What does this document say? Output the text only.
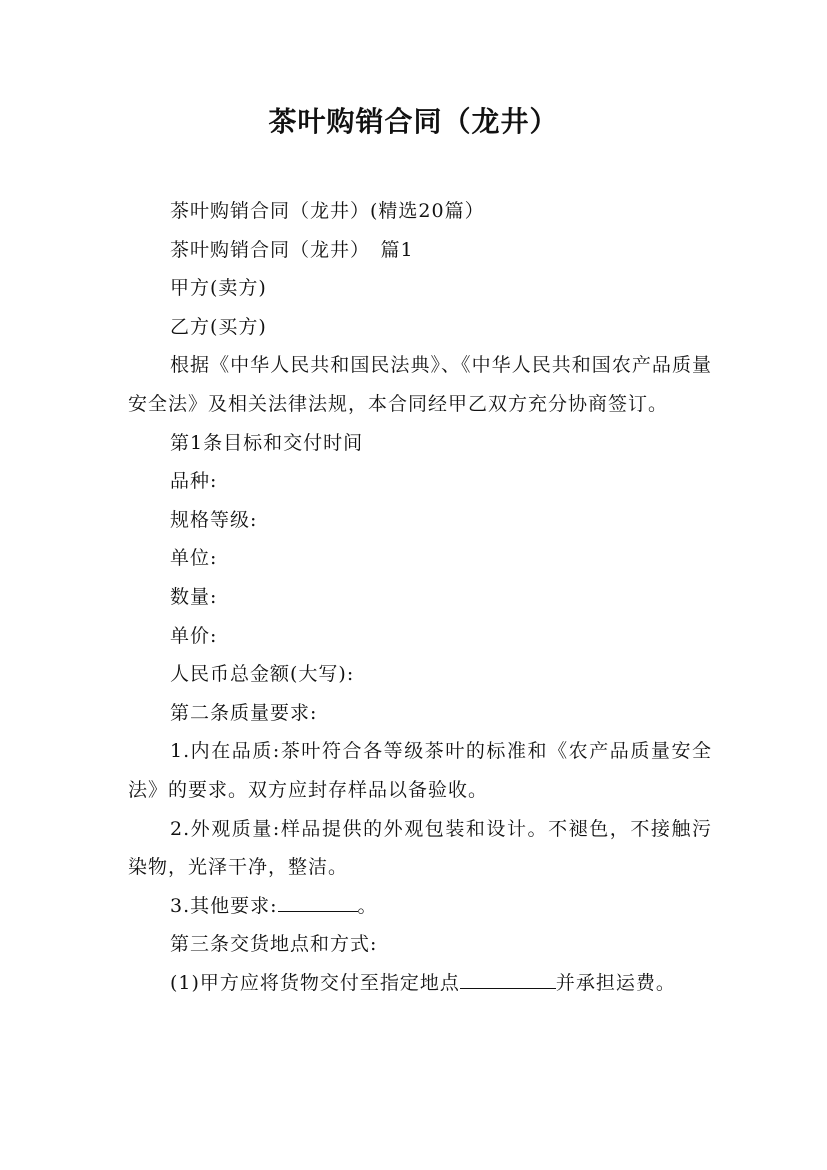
茶叶购销合同（龙井）

茶叶购销合同（龙井）(精选20篇）

茶叶购销合同（龙井）　篇1

甲方(卖方)

乙方(买方)

根据《中华人民共和国民法典》、《中华人民共和国农产品质量安全法》及相关法律法规，本合同经甲乙双方充分协商签订。

第1条目标和交付时间

品种:

规格等级:

单位:

数量:

单价:

人民币总金额(大写):

第二条质量要求:

1.内在品质:茶叶符合各等级茶叶的标准和《农产品质量安全法》的要求。双方应封存样品以备验收。

2.外观质量:样品提供的外观包装和设计。不褪色，不接触污染物，光泽干净，整洁。

3.其他要求:	。

第三条交货地点和方式:

(1)甲方应将货物交付至指定地点	并承担运费。
